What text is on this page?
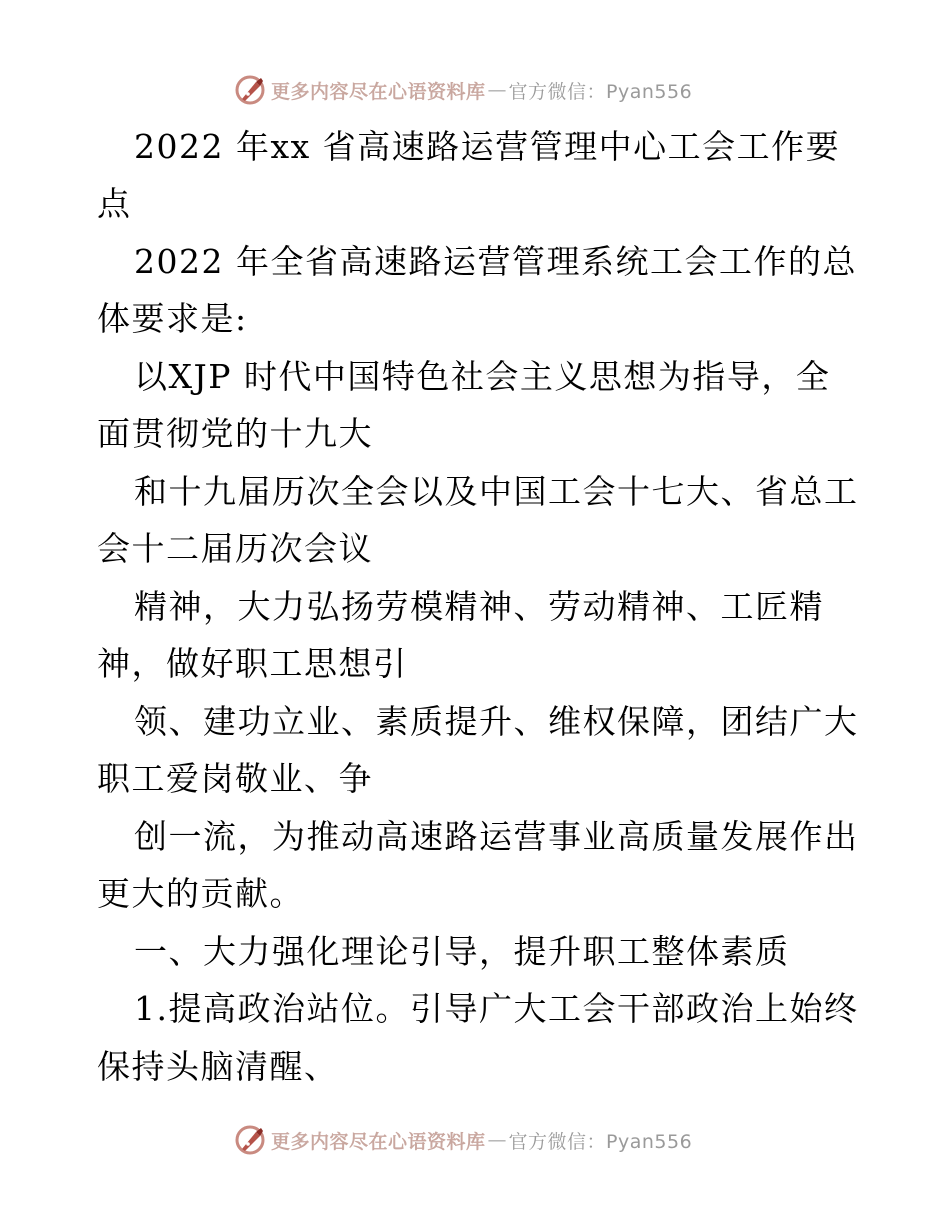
更多内容尽在心语资料库 — 官方微信：Pyan556

2022 年xx 省高速路运营管理中心工会工作要

点

2022 年全省高速路运营管理系统工会工作的总

体要求是:

以XJP 时代中国特色社会主义思想为指导，全

面贯彻党的十九大

和十九届历次全会以及中国工会十七大、省总工

会十二届历次会议

精神，大力弘扬劳模精神、劳动精神、工匠精

神，做好职工思想引

领、建功立业、素质提升、维权保障，团结广大

职工爱岗敬业、争

创一流，为推动高速路运营事业高质量发展作出

更大的贡献。

一、大力强化理论引导，提升职工整体素质

1.提高政治站位。引导广大工会干部政治上始终

保持头脑清醒、

更多内容尽在心语资料库 — 官方微信：Pyan556
